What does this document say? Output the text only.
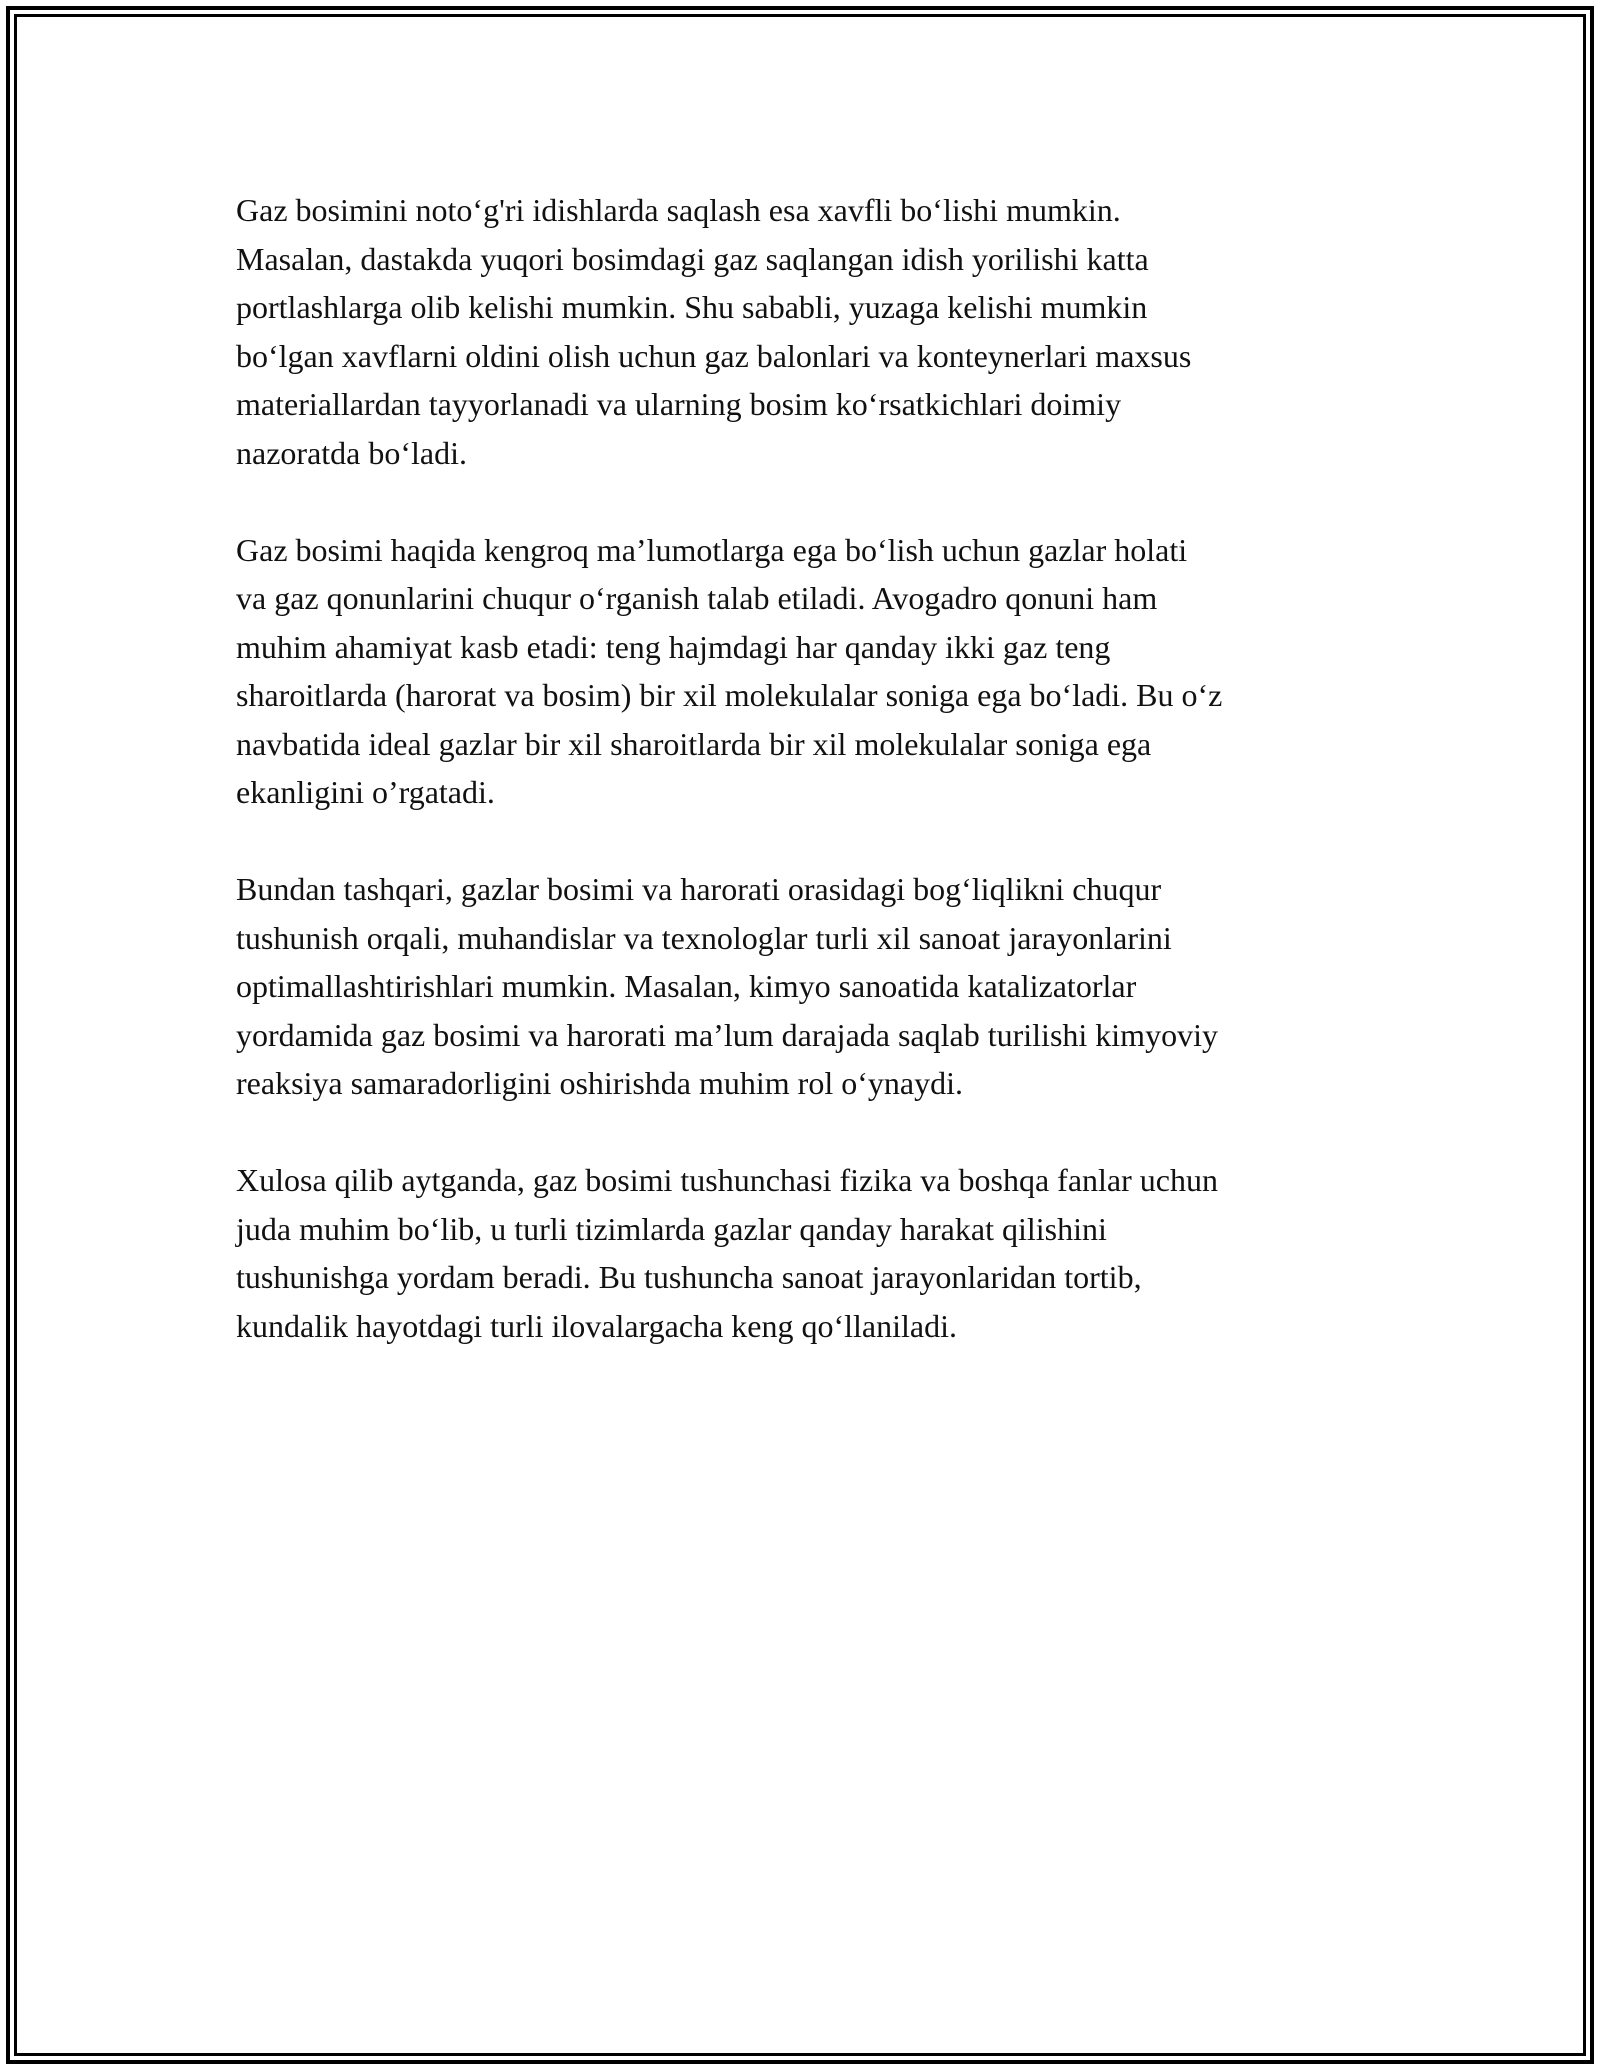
Gaz bosimini noto‘g'ri idishlarda saqlash esa xavfli bo‘lishi mumkin.
Masalan, dastakda yuqori bosimdagi gaz saqlangan idish yorilishi katta
portlashlarga olib kelishi mumkin. Shu sababli, yuzaga kelishi mumkin
bo‘lgan xavflarni oldini olish uchun gaz balonlari va konteynerlari maxsus
materiallardan tayyorlanadi va ularning bosim ko‘rsatkichlari doimiy
nazoratda bo‘ladi.

Gaz bosimi haqida kengroq ma’lumotlarga ega bo‘lish uchun gazlar holati
va gaz qonunlarini chuqur o‘rganish talab etiladi. Avogadro qonuni ham
muhim ahamiyat kasb etadi: teng hajmdagi har qanday ikki gaz teng
sharoitlarda (harorat va bosim) bir xil molekulalar soniga ega bo‘ladi. Bu o‘z
navbatida ideal gazlar bir xil sharoitlarda bir xil molekulalar soniga ega
ekanligini o’rgatadi.

Bundan tashqari, gazlar bosimi va harorati orasidagi bog‘liqlikni chuqur
tushunish orqali, muhandislar va texnologlar turli xil sanoat jarayonlarini
optimallashtirishlari mumkin. Masalan, kimyo sanoatida katalizatorlar
yordamida gaz bosimi va harorati ma’lum darajada saqlab turilishi kimyoviy
reaksiya samaradorligini oshirishda muhim rol o‘ynaydi.

Xulosa qilib aytganda, gaz bosimi tushunchasi fizika va boshqa fanlar uchun
juda muhim bo‘lib, u turli tizimlarda gazlar qanday harakat qilishini
tushunishga yordam beradi. Bu tushuncha sanoat jarayonlaridan tortib,
kundalik hayotdagi turli ilovalargacha keng qo‘llaniladi.
